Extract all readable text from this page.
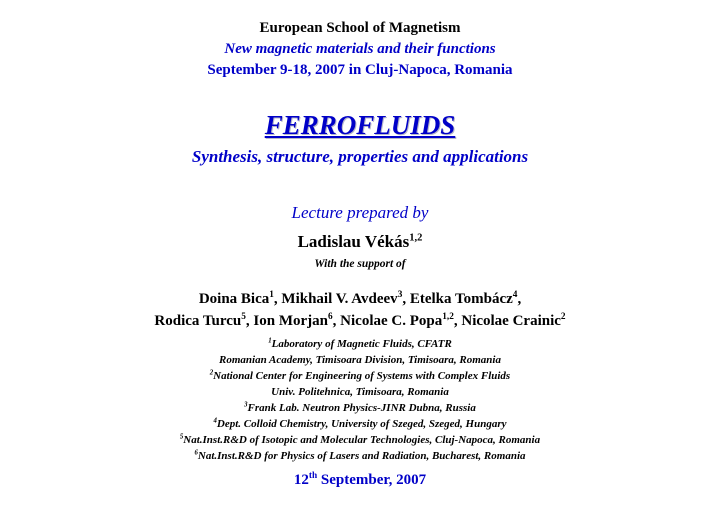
European School of Magnetism
New magnetic materials and their functions
September 9-18, 2007 in Cluj-Napoca, Romania
FERROFLUIDS
Synthesis, structure, properties and applications
Lecture prepared by
Ladislau Vékás$^{1,2}$
With the support of
Doina Bica$^1$, Mikhail V. Avdeev$^3$, Etelka Tombácz$^4$,
Rodica Turcu$^5$, Ion Morjan$^6$, Nicolae C. Popa$^{1,2}$, Nicolae Crainic$^2$
$^1$Laboratory of Magnetic Fluids, CFATR
Romanian Academy, Timisoara Division, Timisoara, Romania
$^2$National Center for Engineering of Systems with Complex Fluids
Univ. Politehnica, Timisoara, Romania
$^3$Frank Lab. Neutron Physics-JINR Dubna, Russia
$^4$Dept. Colloid Chemistry, University of Szeged, Szeged, Hungary
$^5$Nat.Inst.R&D of Isotopic and Molecular Technologies, Cluj-Napoca, Romania
$^6$Nat.Inst.R&D for Physics of Lasers and Radiation, Bucharest, Romania
12th September, 2007
